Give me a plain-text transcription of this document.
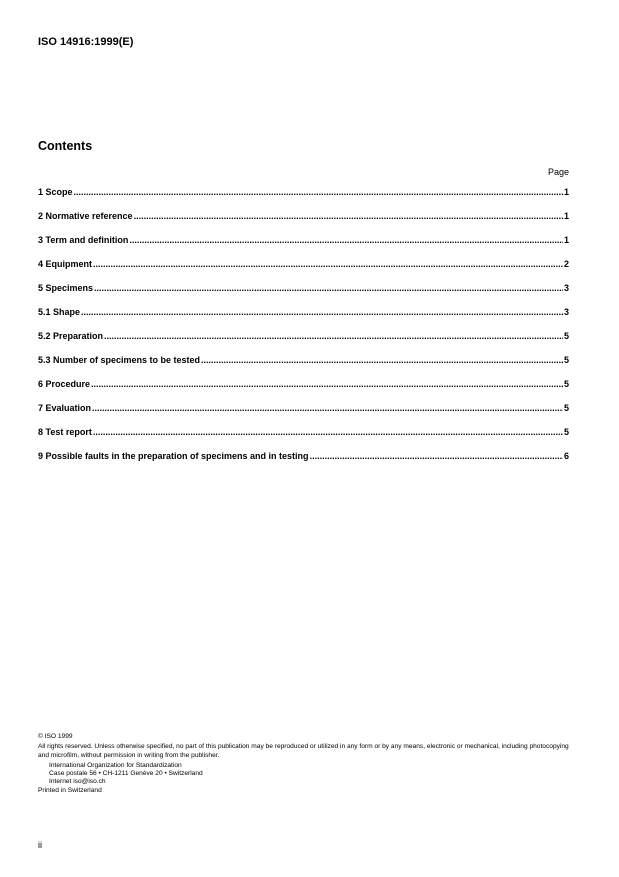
ISO 14916:1999(E)
Contents
Page
1 Scope .....	1
2 Normative reference .....	1
3 Term and definition .....	1
4 Equipment .....	2
5 Specimens .....	3
5.1 Shape .....	3
5.2 Preparation .....	5
5.3 Number of specimens to be tested .....	5
6 Procedure .....	5
7 Evaluation .....	5
8 Test report .....	5
9 Possible faults in the preparation of specimens and in testing .....	6

© ISO 1999

All rights reserved. Unless otherwise specified, no part of this publication may be reproduced or utilized in any form or by any means, electronic or mechanical, including photocopying and microfilm, without permission in writing from the publisher.

International Organization for Standardization

Case postale 56 • CH-1211 Genève 20 • Switzerland

Internet iso@iso.ch

Printed in Switzerland

ii
